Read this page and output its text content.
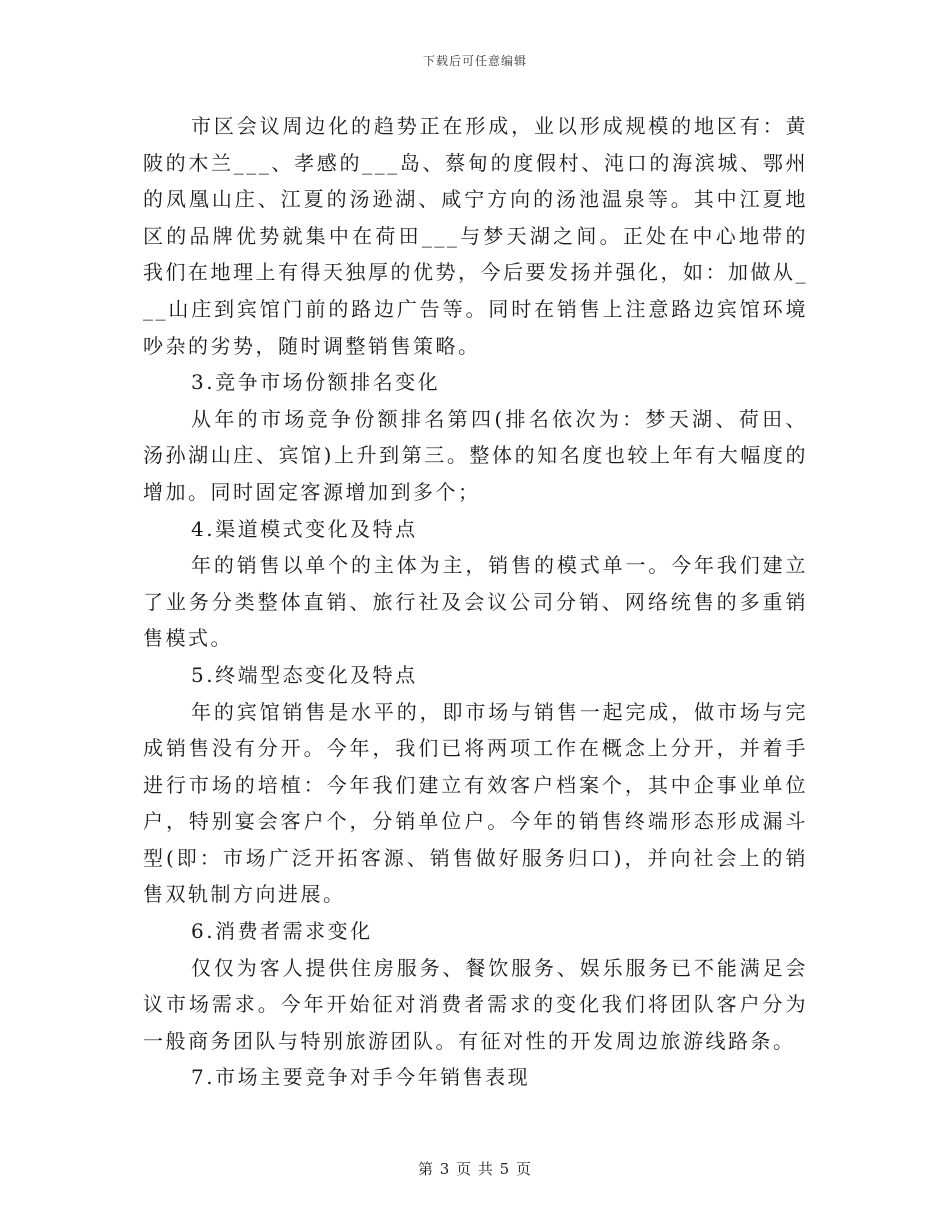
下载后可任意编辑

市区会议周边化的趋势正在形成，业以形成规模的地区有：黄陂的木兰___、孝感的___岛、蔡甸的度假村、沌口的海滨城、鄂州的凤凰山庄、江夏的汤逊湖、咸宁方向的汤池温泉等。其中江夏地区的品牌优势就集中在荷田___与梦天湖之间。正处在中心地带的我们在地理上有得天独厚的优势，今后要发扬并强化，如：加做从___山庄到宾馆门前的路边广告等。同时在销售上注意路边宾馆环境吵杂的劣势，随时调整销售策略。

3.竞争市场份额排名变化

从年的市场竞争份额排名第四(排名依次为：梦天湖、荷田、汤孙湖山庄、宾馆)上升到第三。整体的知名度也较上年有大幅度的增加。同时固定客源增加到多个；

4.渠道模式变化及特点

年的销售以单个的主体为主，销售的模式单一。今年我们建立了业务分类整体直销、旅行社及会议公司分销、网络统售的多重销售模式。

5.终端型态变化及特点

年的宾馆销售是水平的，即市场与销售一起完成，做市场与完成销售没有分开。今年，我们已将两项工作在概念上分开，并着手进行市场的培植：今年我们建立有效客户档案个，其中企事业单位户，特别宴会客户个，分销单位户。今年的销售终端形态形成漏斗型(即：市场广泛开拓客源、销售做好服务归口)，并向社会上的销售双轨制方向进展。

6.消费者需求变化

仅仅为客人提供住房服务、餐饮服务、娱乐服务已不能满足会议市场需求。今年开始征对消费者需求的变化我们将团队客户分为一般商务团队与特别旅游团队。有征对性的开发周边旅游线路条。

7.市场主要竞争对手今年销售表现
第 3 页 共 5 页
